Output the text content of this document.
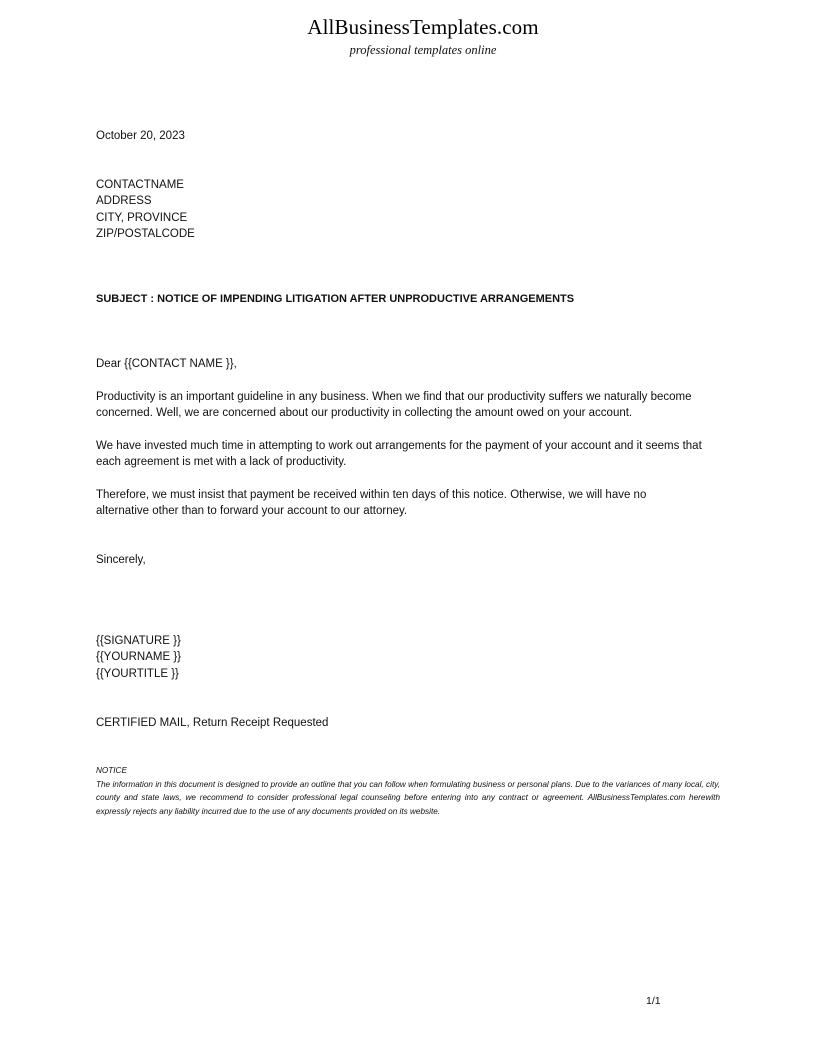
AllBusinessTemplates.com
professional templates online

October 20, 2023

CONTACTNAME

ADDRESS

CITY, PROVINCE

ZIP/POSTALCODE

SUBJECT : NOTICE OF IMPENDING LITIGATION AFTER UNPRODUCTIVE ARRANGEMENTS

Dear {{CONTACT NAME }},

Productivity is an important guideline in any business. When we find that our productivity suffers we naturally become concerned. Well, we are concerned about our productivity in collecting the amount owed on your account.

We have invested much time in attempting to work out arrangements for the payment of your account and it seems that each agreement is met with a lack of productivity.

Therefore, we must insist that payment be received within ten days of this notice. Otherwise, we will have no alternative other than to forward your account to our attorney.

Sincerely,

{{SIGNATURE }}

{{YOURNAME }}

{{YOURTITLE }}

CERTIFIED MAIL, Return Receipt Requested

NOTICE
The information in this document is designed to provide an outline that you can follow when formulating business or personal plans. Due to the variances of many local, city, county and state laws, we recommend to consider professional legal counseling before entering into any contract or agreement. AllBusinessTemplates.com herewith expressly rejects any liability incurred due to the use of any documents provided on its website.
1/1
